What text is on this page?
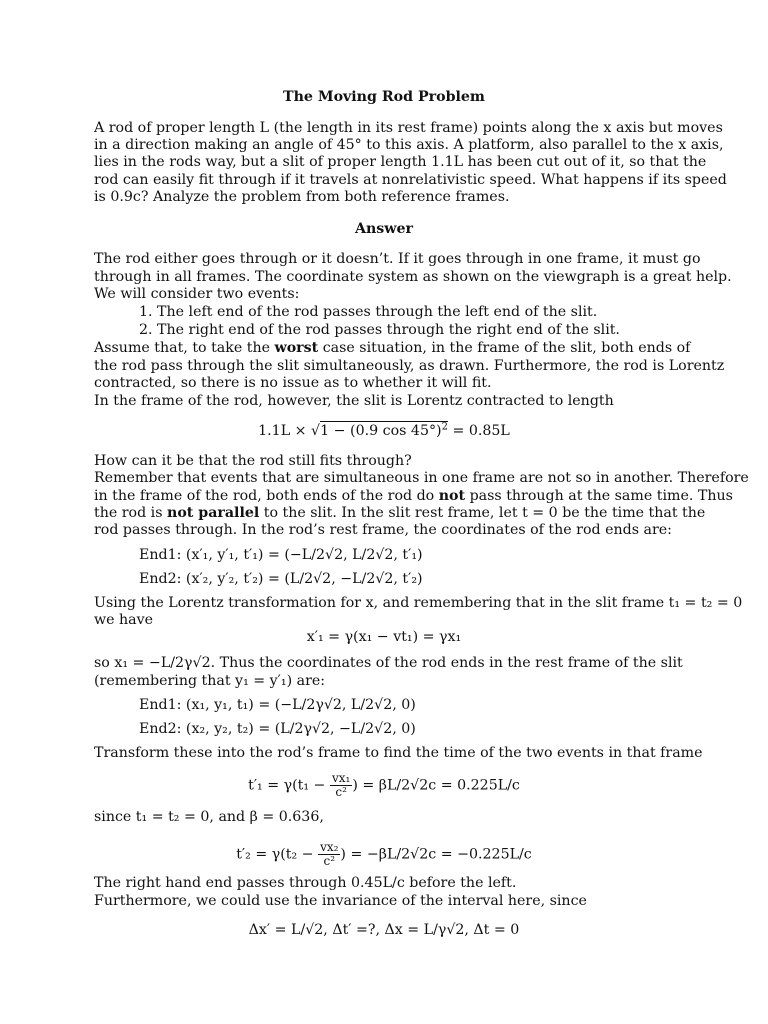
The Moving Rod Problem
A rod of proper length L (the length in its rest frame) points along the x axis but moves
in a direction making an angle of 45° to this axis. A platform, also parallel to the x axis,
lies in the rods way, but a slit of proper length 1.1L has been cut out of it, so that the
rod can easily fit through if it travels at nonrelativistic speed. What happens if its speed
is 0.9c? Analyze the problem from both reference frames.
Answer
The rod either goes through or it doesn’t. If it goes through in one frame, it must go
through in all frames. The coordinate system as shown on the viewgraph is a great help.
We will consider two events:
1. The left end of the rod passes through the left end of the slit.
2. The right end of the rod passes through the right end of the slit.
Assume that, to take the worst case situation, in the frame of the slit, both ends of
the rod pass through the slit simultaneously, as drawn. Furthermore, the rod is Lorentz
contracted, so there is no issue as to whether it will fit.
In the frame of the rod, however, the slit is Lorentz contracted to length
1.1L × √1 − (0.9 cos 45°)$^2$ = 0.85L
How can it be that the rod still fits through?
Remember that events that are simultaneous in one frame are not so in another. Therefore
in the frame of the rod, both ends of the rod do not pass through at the same time. Thus
the rod is not parallel to the slit. In the slit rest frame, let t = 0 be the time that the
rod passes through. In the rod’s rest frame, the coordinates of the rod ends are:
End1: (x′₁, y′₁, t′₁) = (−L/2√2, L/2√2, t′₁)
End2: (x′₂, y′₂, t′₂) = (L/2√2, −L/2√2, t′₂)
Using the Lorentz transformation for x, and remembering that in the slit frame t₁ = t₂ = 0
we have
x′₁ = γ(x₁ − vt₁) = γx₁
so x₁ = −L/2γ√2. Thus the coordinates of the rod ends in the rest frame of the slit
(remembering that y₁ = y′₁) are:
End1: (x₁, y₁, t₁) = (−L/2γ√2, L/2√2, 0)
End2: (x₂, y₂, t₂) = (L/2γ√2, −L/2√2, 0)
Transform these into the rod’s frame to find the time of the two events in that frame
$t'_1 = \gamma(t_1 - \frac{\text{vx₁}}{\text{c²}}$ ) = βL/2√2c = 0.225L/c
since t₁ = t₂ = 0, and β = 0.636,
$t'_2 = \gamma(t_2 - \frac{\text{vx₂}}{\text{c²}}$ ) = −βL/2√2c = −0.225L/c
The right hand end passes through 0.45L/c before the left.
Furthermore, we could use the invariance of the interval here, since
Δx′ = L/√2, Δt′ =?, Δx = L/γ√2, Δt = 0
